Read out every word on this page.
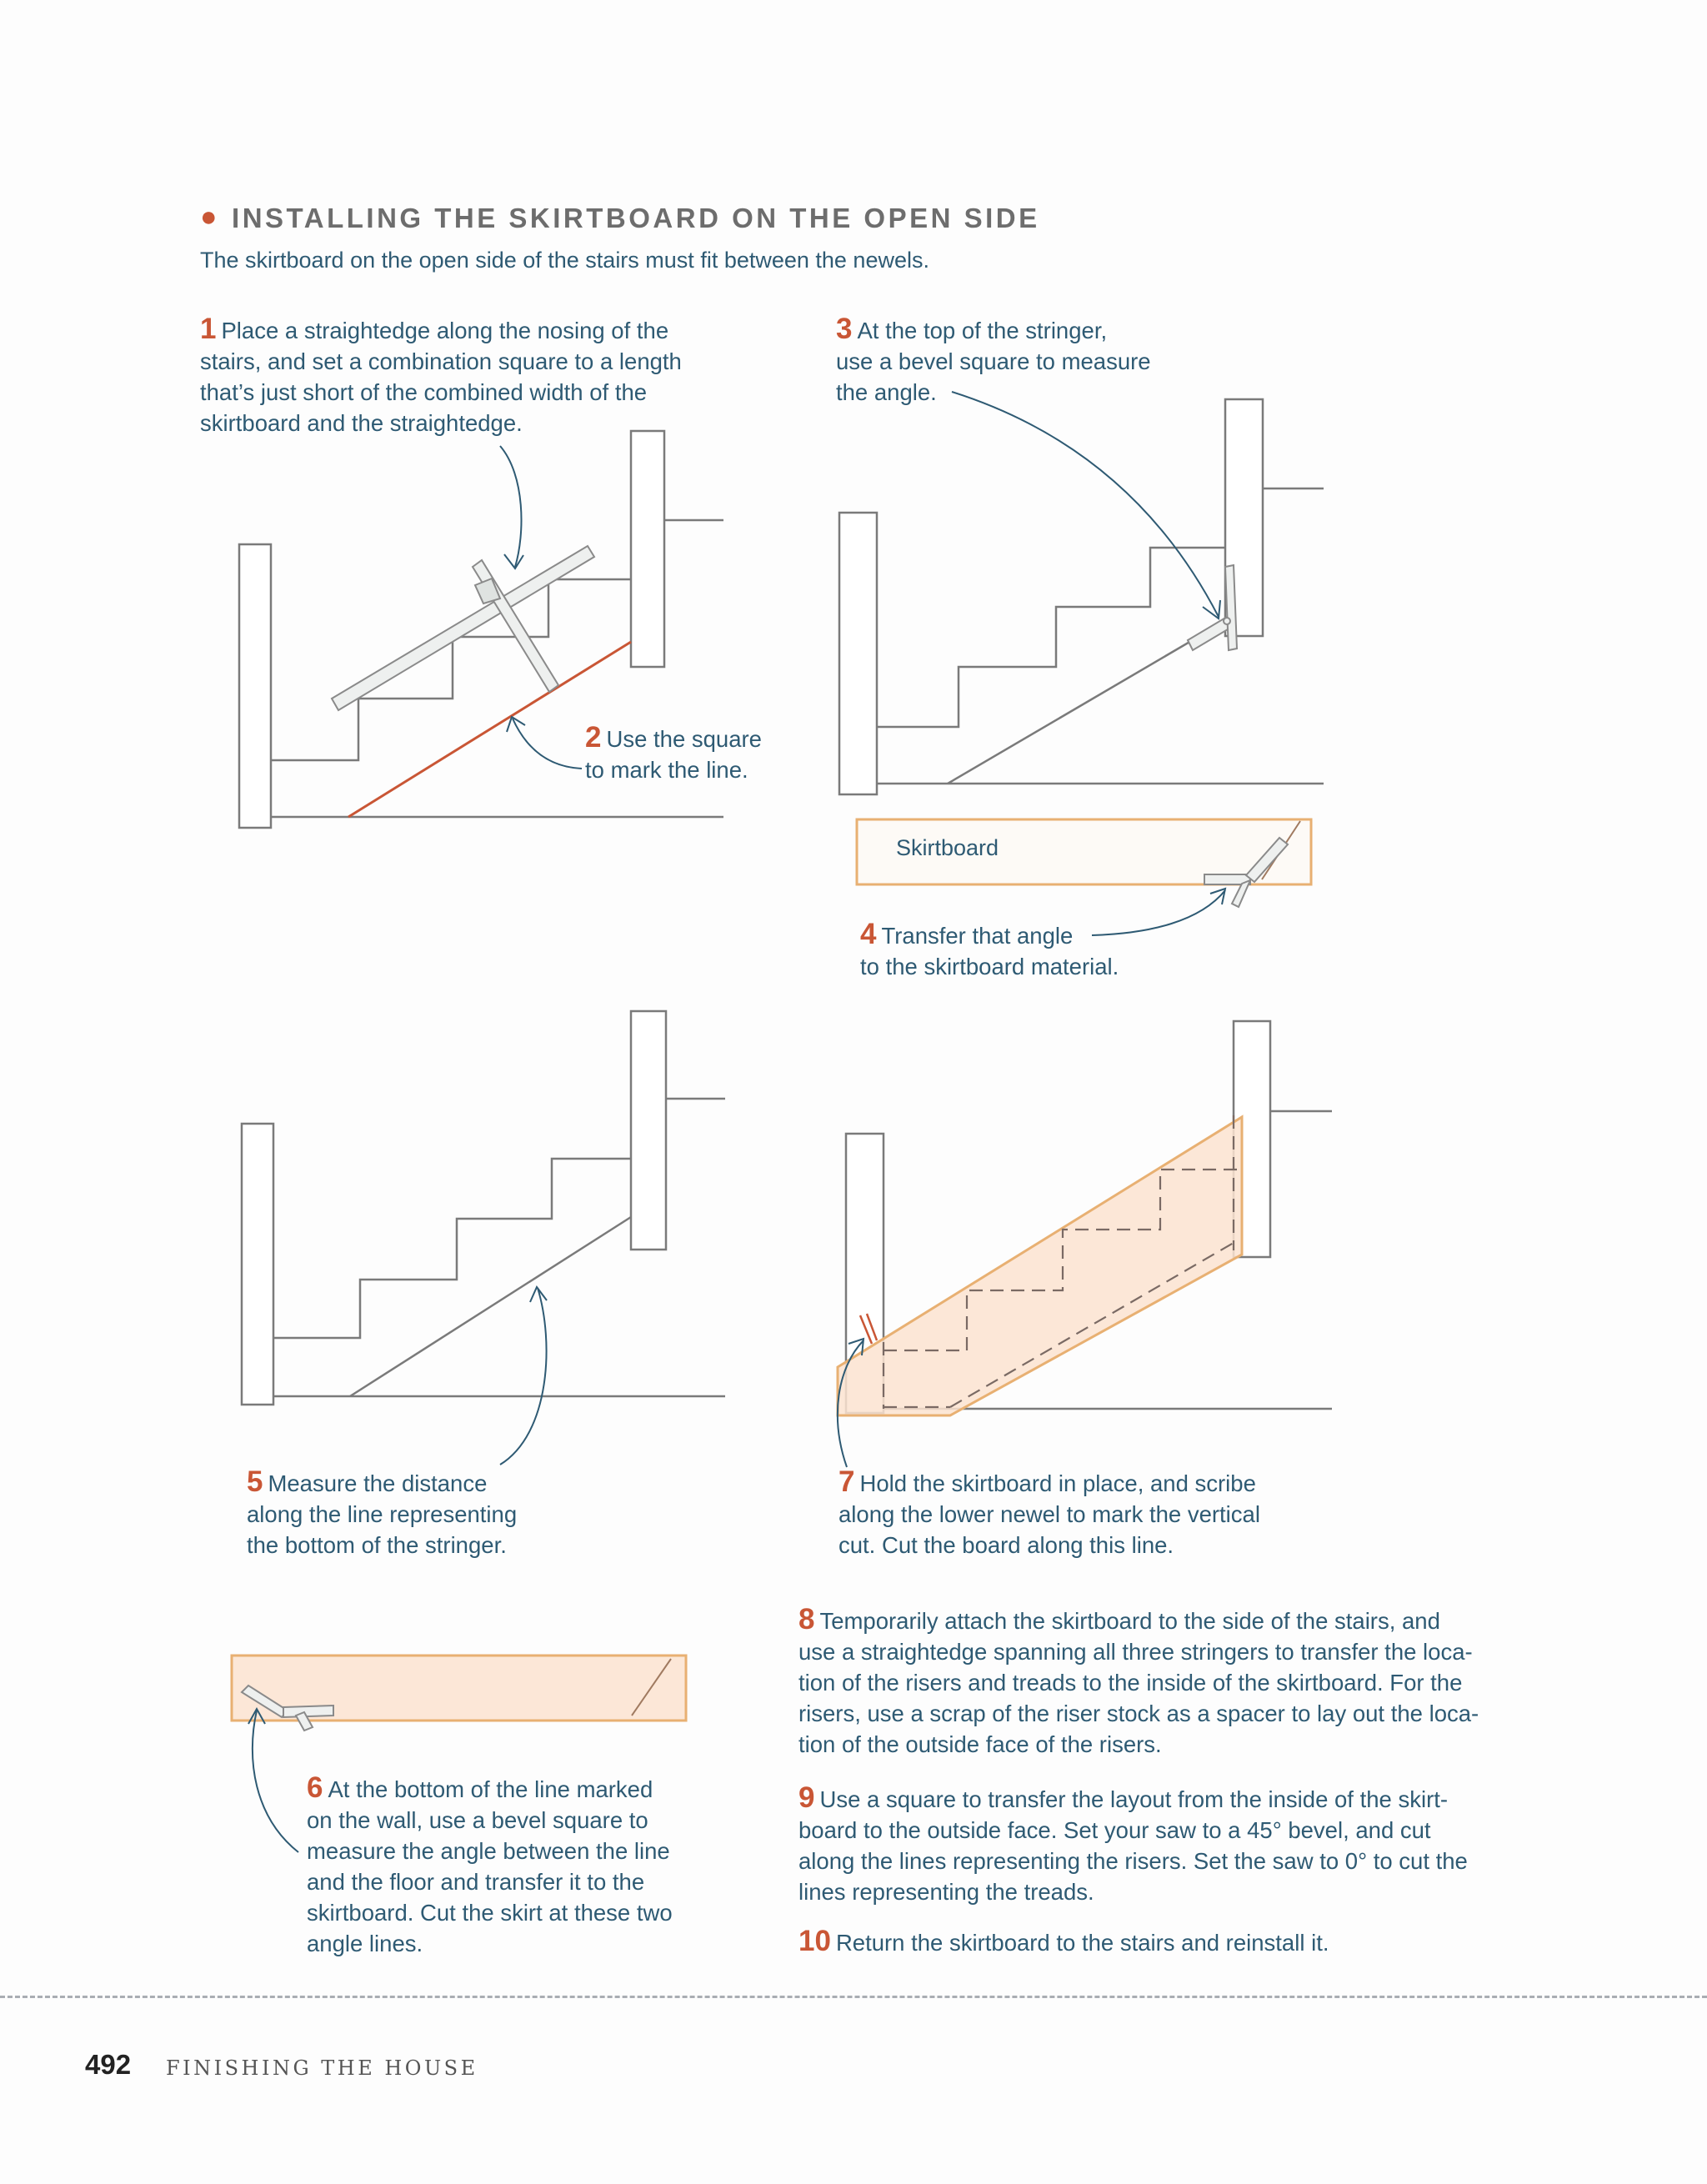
● INSTALLING THE SKIRTBOARD ON THE OPEN SIDE
The skirtboard on the open side of the stairs must fit between the newels.
1 Place a straightedge along the nosing of the
stairs, and set a combination square to a length
that’s just short of the combined width of the
skirtboard and the straightedge.
2 Use the square
to mark the line.
3 At the top of the stringer,
use a bevel square to measure
the angle.
Skirtboard
4 Transfer that angle
to the skirtboard material.
5 Measure the distance
along the line representing
the bottom of the stringer.
7 Hold the skirtboard in place, and scribe
along the lower newel to mark the vertical
cut. Cut the board along this line.
6 At the bottom of the line marked
on the wall, use a bevel square to
measure the angle between the line
and the floor and transfer it to the
skirtboard. Cut the skirt at these two
angle lines.
8 Temporarily attach the skirtboard to the side of the stairs, and
use a straightedge spanning all three stringers to transfer the loca-
tion of the risers and treads to the inside of the skirtboard. For the
risers, use a scrap of the riser stock as a spacer to lay out the loca-
tion of the outside face of the risers.
9 Use a square to transfer the layout from the inside of the skirt-
board to the outside face. Set your saw to a 45° bevel, and cut
along the lines representing the risers. Set the saw to 0° to cut the
lines representing the treads.
10 Return the skirtboard to the stairs and reinstall it.
492 FINISHING THE HOUSE
